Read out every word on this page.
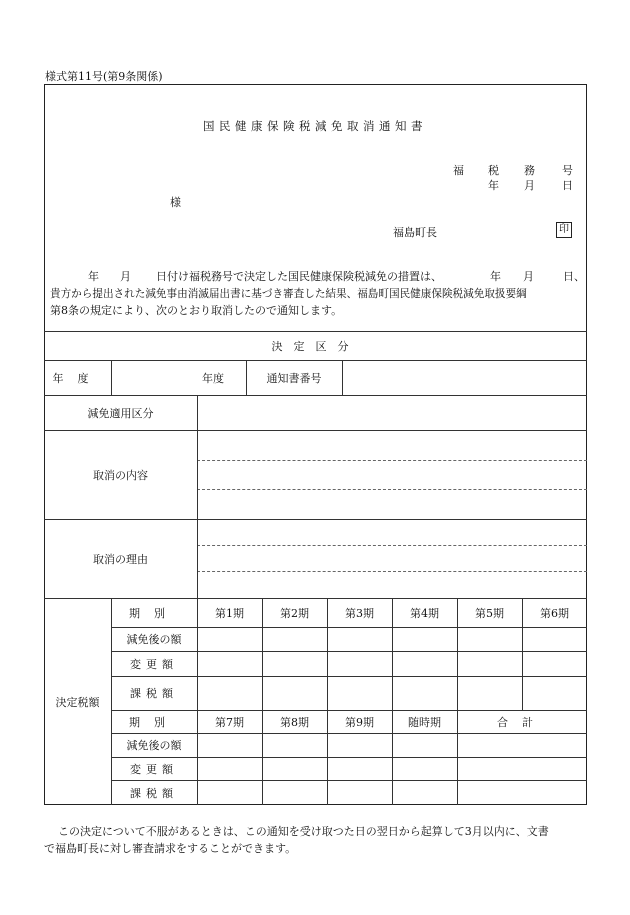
様式第11号(第9条関係)
国民健康保険税減免取消通知書
福 税 務 号
年 月 日
様
福島町長	印
年 月 日付け福税務号で決定した国民健康保険税減免の措置は、	年 月	日、
貴方から提出された減免事由消滅届出書に基づき審査した結果、福島町国民健康保険税減免取扱要綱
第8条の規定により、次のとおり取消したので通知します。
決定区分
年度	年度	通知書番号
減免適用区分
取消の内容
取消の理由
決定税額
期別	第1期	第2期	第3期	第4期	第5期	第6期
減免後の額
変更額
課税額
期別	第7期	第8期	第9期	随時期	合計
減免後の額
変更額
課税額
この決定について不服があるときは、この通知を受け取つた日の翌日から起算して3月以内に、文書
で福島町長に対し審査請求をすることができます。
